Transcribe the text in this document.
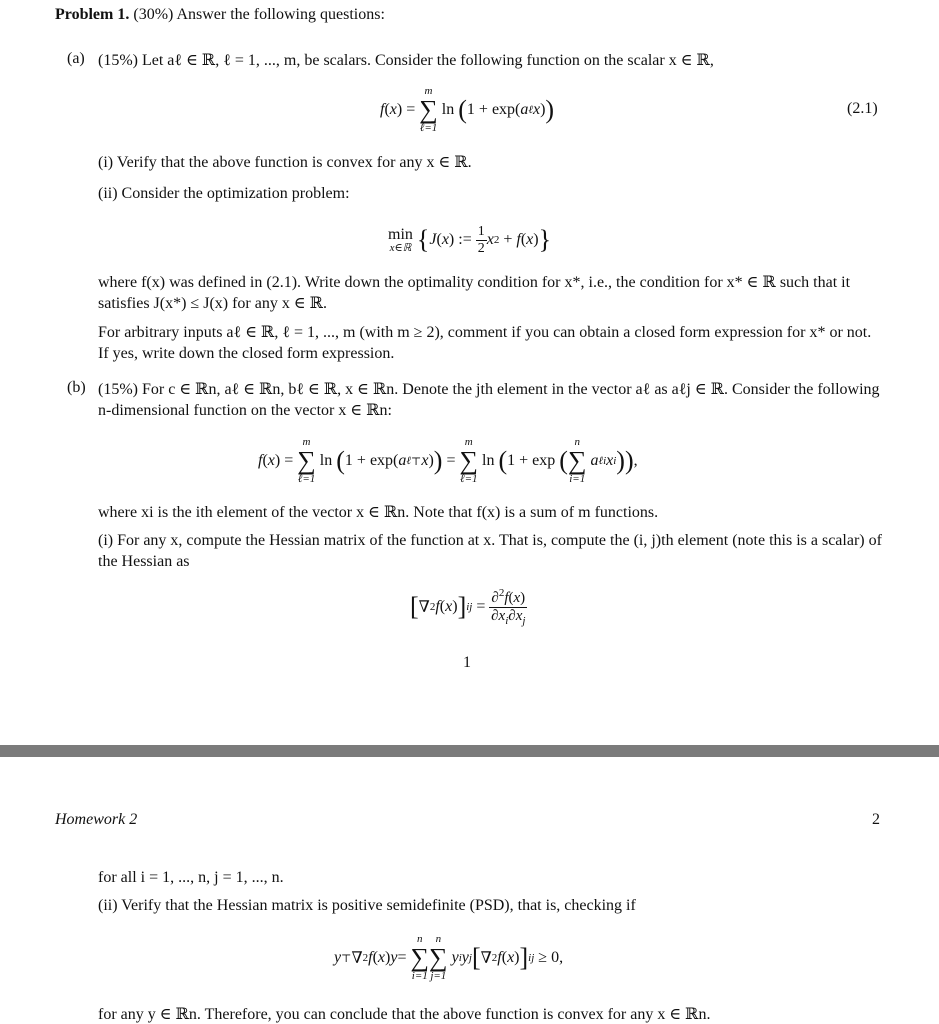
Problem 1. (30%) Answer the following questions:
(a) (15%) Let aℓ ∈ ℝ, ℓ = 1, ..., m, be scalars. Consider the following function on the scalar x ∈ ℝ,
f ( x ) =
m
∑
ℓ=1
ln ( 1 + exp( a ℓ x ) )	(2.1)
(i) Verify that the above function is convex for any x ∈ ℝ.
(ii) Consider the optimization problem:
min
x∈ℝ
{ J ( x ) := $\frac{1}{2}$ x 2 + f ( x ) }
where f(x) was defined in (2.1). Write down the optimality condition for x*, i.e., the condition for x* ∈ ℝ such that it satisfies J(x*) ≤ J(x) for any x ∈ ℝ.
For arbitrary inputs aℓ ∈ ℝ, ℓ = 1, ..., m (with m ≥ 2), comment if you can obtain a closed form expression for x* or not. If yes, write down the closed form expression.
(b) (15%) For c ∈ ℝn, aℓ ∈ ℝn, bℓ ∈ ℝ, x ∈ ℝn. Denote the jth element in the vector aℓ as aℓj ∈ ℝ. Consider the following n-dimensional function on the vector x ∈ ℝn:
f ( x ) =
m
∑
ℓ=1
ln ( 1 + exp( a ℓ ⊤ x ) ) =
m
∑
ℓ=1
ln ( 1 + exp (
n
∑
i=1

a ℓi x i )) ,
where xi is the ith element of the vector x ∈ ℝn. Note that f(x) is a sum of m functions.
(i) For any x, compute the Hessian matrix of the function at x. That is, compute the (i, j)th element (note this is a scalar) of the Hessian as
[ ∇ 2 f ( x ) ] ij = $\frac{\partial^2f(x)}{\partial x_i\partial x_j}$
1
Homework 2	2
for all i = 1, ..., n, j = 1, ..., n.
(ii) Verify that the Hessian matrix is positive semidefinite (PSD), that is, checking if
y ⊤ ∇ 2 f ( x ) y =
n
∑
i=1
n
∑
j=1

y i y j [ ∇ 2 f ( x ) ] ij ≥ 0,
for any y ∈ ℝn. Therefore, you can conclude that the above function is convex for any x ∈ ℝn.
